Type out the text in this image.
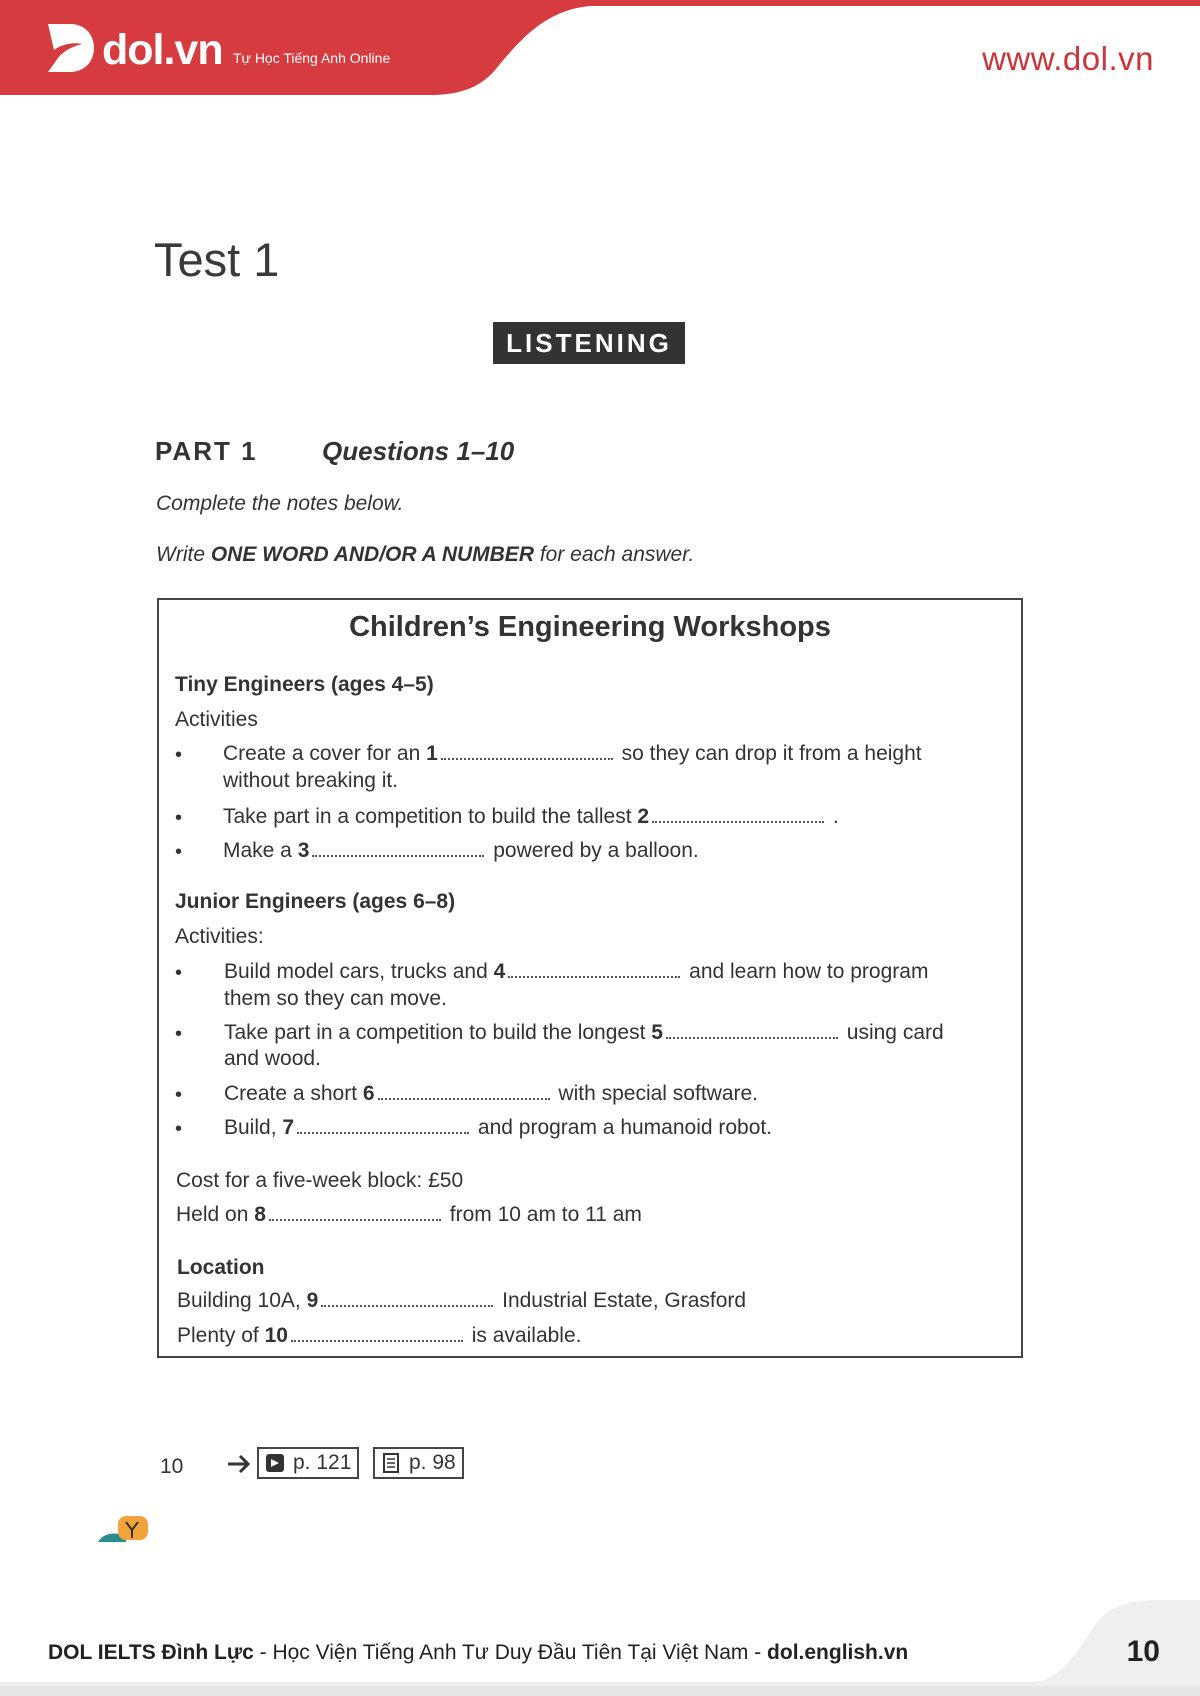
dol.vn Tự Học Tiếng Anh Online	www.dol.vn
Test 1
LISTENING
PART 1 Questions 1–10
Complete the notes below.
Write ONE WORD AND/OR A NUMBER for each answer.
Children’s Engineering Workshops
Tiny Engineers (ages 4–5)
Activities
• Create a cover for an 1	so they can drop it from a height
without breaking it.
• Take part in a competition to build the tallest 2	.
• Make a 3	powered by a balloon.
Junior Engineers (ages 6–8)
Activities:
• Build model cars, trucks and 4	and learn how to program
them so they can move.
• Take part in a competition to build the longest 5	using card
and wood.
• Create a short 6	with special software.
• Build, 7	and program a humanoid robot.
Cost for a five-week block: £50
Held on 8	from 10 am to 11 am
Location
Building 10A, 9	Industrial Estate, Grasford
Plenty of 10	is available.
10	p. 121	p. 98
DOL IELTS Đình Lực - Học Viện Tiếng Anh Tư Duy Đầu Tiên Tại Việt Nam - dol.english.vn	10
